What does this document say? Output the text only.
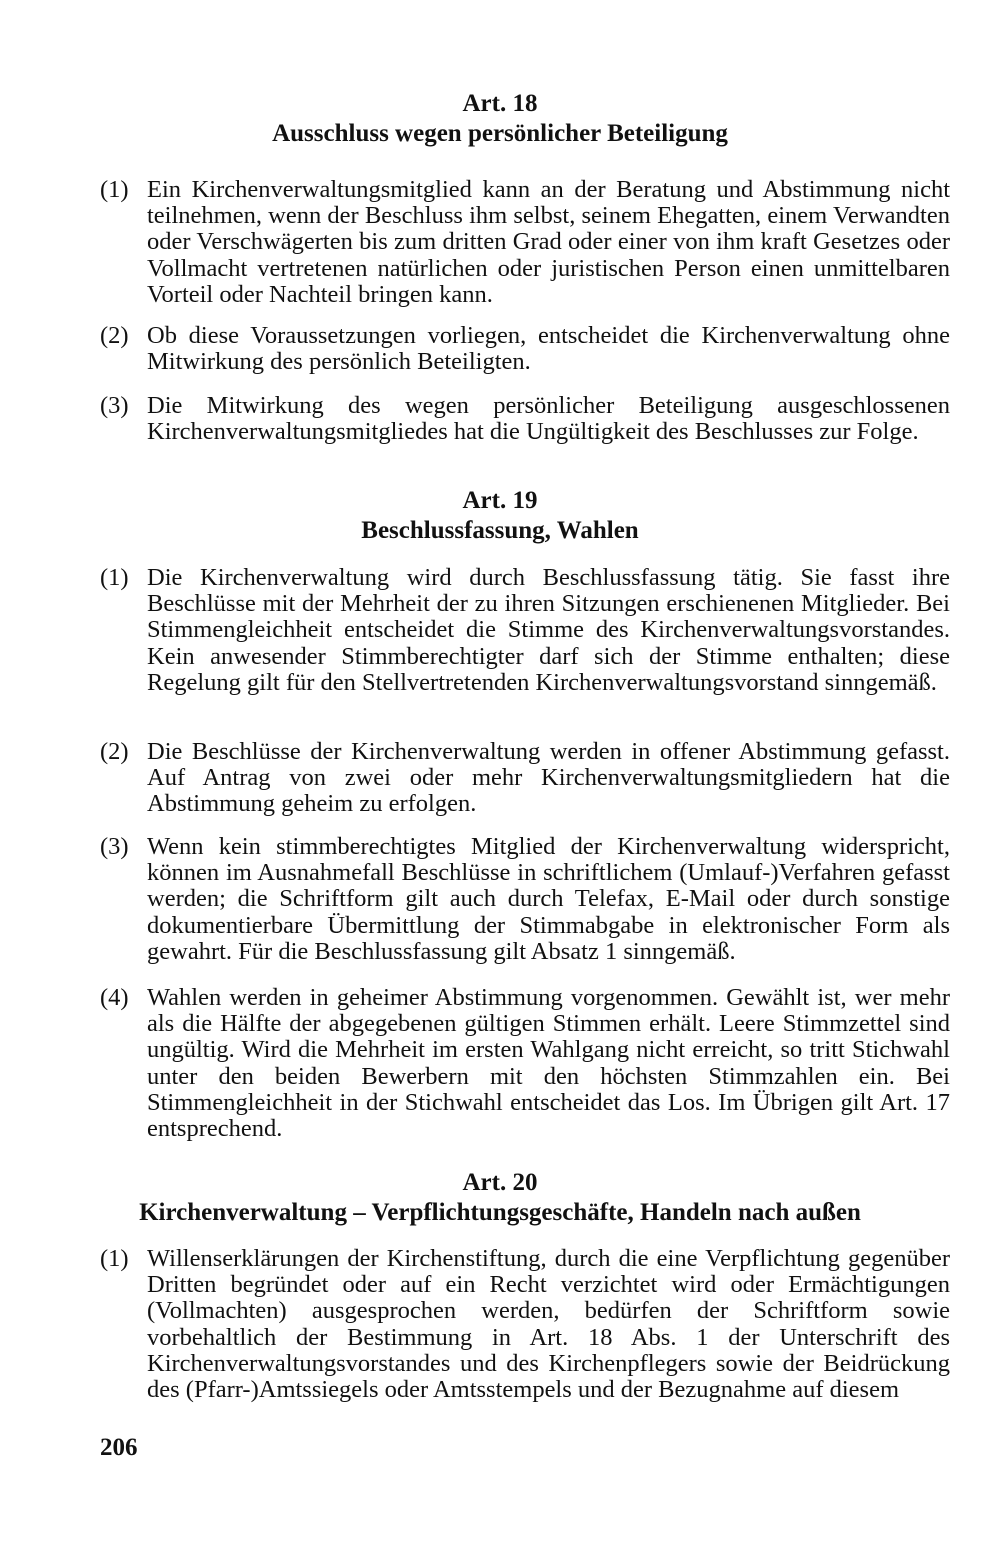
Art. 18
Ausschluss wegen persönlicher Beteiligung
(1) Ein Kirchenverwaltungsmitglied kann an der Beratung und Abstimmung nicht teilnehmen, wenn der Beschluss ihm selbst, seinem Ehegatten, einem Verwandten oder Verschwägerten bis zum dritten Grad oder einer von ihm kraft Gesetzes oder Vollmacht vertretenen natürlichen oder juristischen Person einen unmittelbaren Vorteil oder Nachteil bringen kann.
(2) Ob diese Voraussetzungen vorliegen, entscheidet die Kirchenverwaltung ohne Mitwirkung des persönlich Beteiligten.
(3) Die Mitwirkung des wegen persönlicher Beteiligung ausgeschlossenen Kirchenverwaltungsmitgliedes hat die Ungültigkeit des Beschlusses zur Folge.
Art. 19
Beschlussfassung, Wahlen
(1) Die Kirchenverwaltung wird durch Beschlussfassung tätig. Sie fasst ihre Beschlüsse mit der Mehrheit der zu ihren Sitzungen erschienenen Mitglieder. Bei Stimmengleichheit entscheidet die Stimme des Kirchenverwaltungsvorstandes. Kein anwesender Stimmberechtigter darf sich der Stimme enthalten; diese Regelung gilt für den Stellvertretenden Kirchenverwaltungsvorstand sinngemäß.
(2) Die Beschlüsse der Kirchenverwaltung werden in offener Abstimmung gefasst. Auf Antrag von zwei oder mehr Kirchenverwaltungsmitgliedern hat die Abstimmung geheim zu erfolgen.
(3) Wenn kein stimmberechtigtes Mitglied der Kirchenverwaltung widerspricht, können im Ausnahmefall Beschlüsse in schriftlichem (Umlauf-)Verfahren gefasst werden; die Schriftform gilt auch durch Telefax, E-Mail oder durch sonstige dokumentierbare Übermittlung der Stimmabgabe in elektronischer Form als gewahrt. Für die Beschlussfassung gilt Absatz 1 sinngemäß.
(4) Wahlen werden in geheimer Abstimmung vorgenommen. Gewählt ist, wer mehr als die Hälfte der abgegebenen gültigen Stimmen erhält. Leere Stimmzettel sind ungültig. Wird die Mehrheit im ersten Wahlgang nicht erreicht, so tritt Stichwahl unter den beiden Bewerbern mit den höchsten Stimmzahlen ein. Bei Stimmengleichheit in der Stichwahl entscheidet das Los. Im Übrigen gilt Art. 17 entsprechend.
Art. 20
Kirchenverwaltung – Verpflichtungsgeschäfte, Handeln nach außen
(1) Willenserklärungen der Kirchenstiftung, durch die eine Verpflichtung gegenüber Dritten begründet oder auf ein Recht verzichtet wird oder Ermächtigungen (Vollmachten) ausgesprochen werden, bedürfen der Schriftform sowie vorbehaltlich der Bestimmung in Art. 18 Abs. 1 der Unterschrift des Kirchenverwaltungsvorstandes und des Kirchenpflegers sowie der Beidrückung des (Pfarr-)Amtssiegels oder Amtsstempels und der Bezugnahme auf diesem
206
